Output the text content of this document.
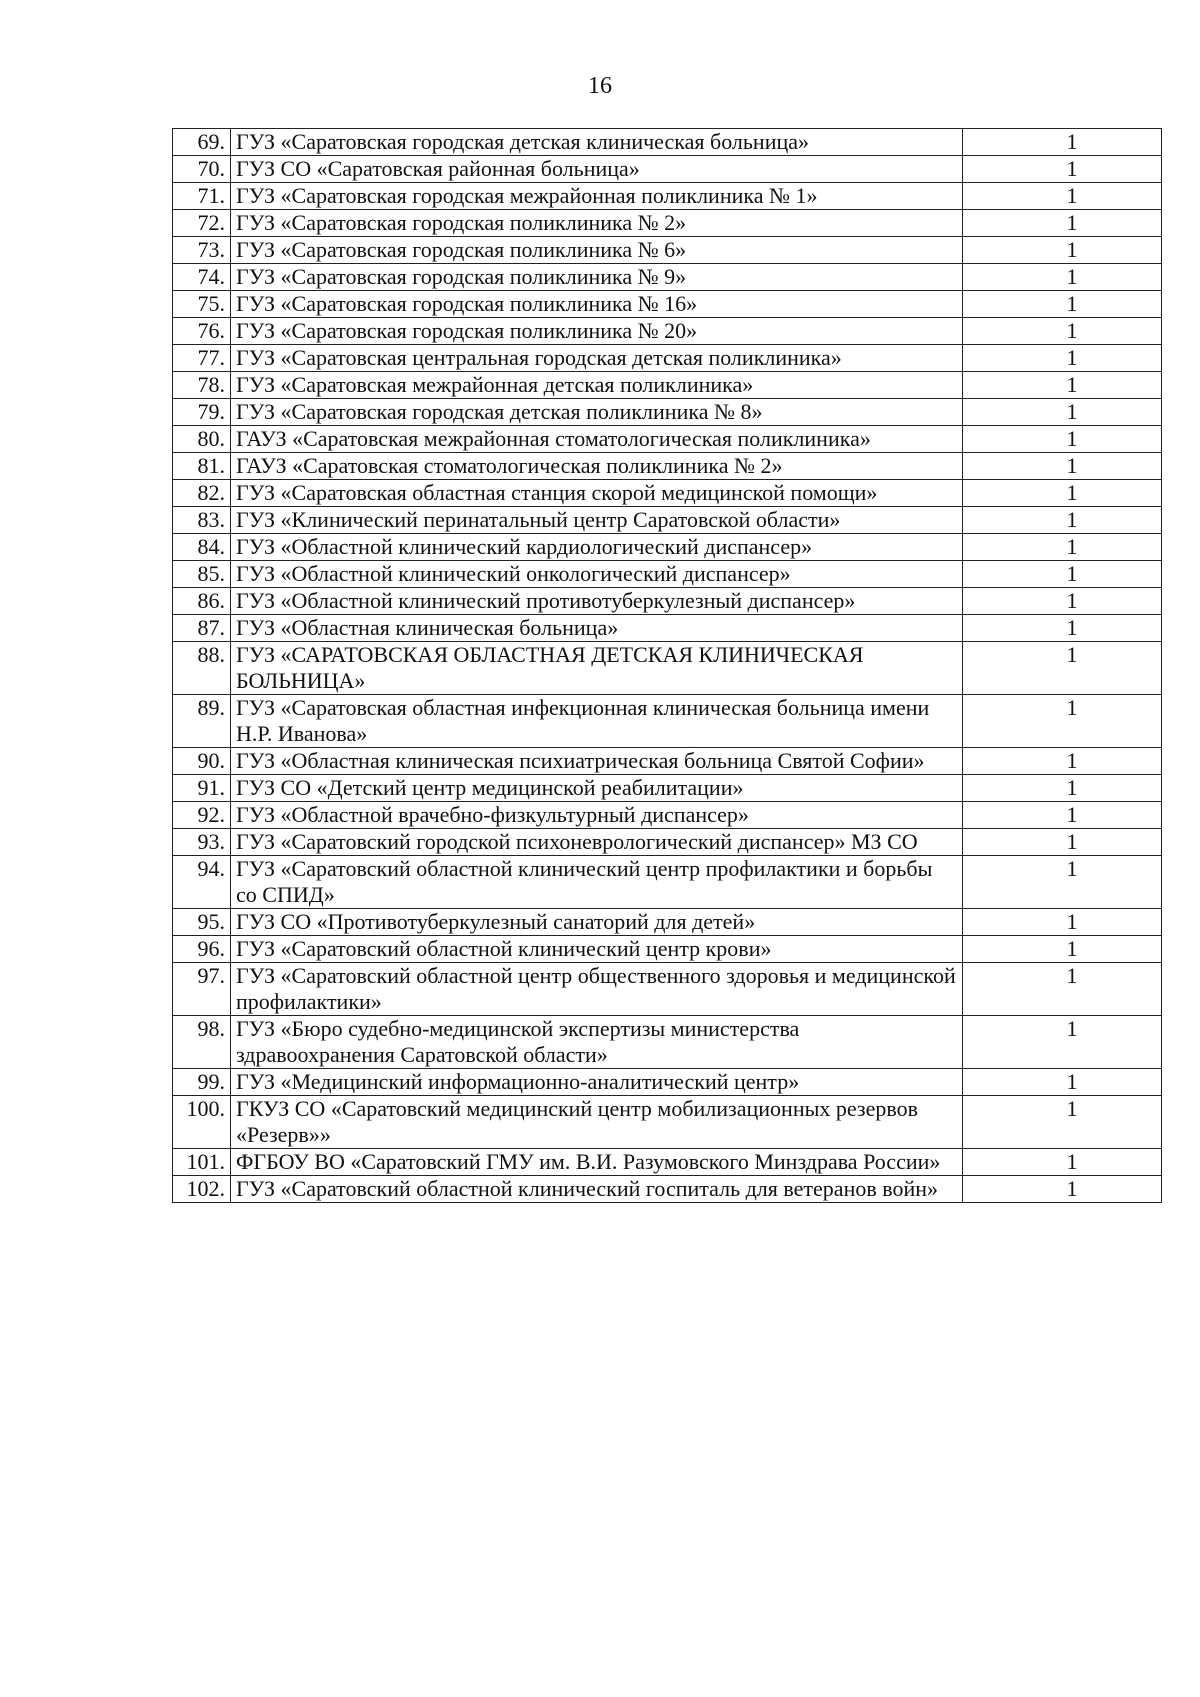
16
69.	ГУЗ «Саратовская городская детская клиническая больница»	1
70.	ГУЗ СО «Саратовская районная больница»	1
71.	ГУЗ «Саратовская городская межрайонная поликлиника № 1»	1
72.	ГУЗ «Саратовская городская поликлиника № 2»	1
73.	ГУЗ «Саратовская городская поликлиника № 6»	1
74.	ГУЗ «Саратовская городская поликлиника № 9»	1
75.	ГУЗ «Саратовская городская поликлиника № 16»	1
76.	ГУЗ «Саратовская городская поликлиника № 20»	1
77.	ГУЗ «Саратовская центральная городская детская поликлиника»	1
78.	ГУЗ «Саратовская межрайонная детская поликлиника»	1
79.	ГУЗ «Саратовская городская детская поликлиника № 8»	1
80.	ГАУЗ «Саратовская межрайонная стоматологическая поликлиника»	1
81.	ГАУЗ «Саратовская стоматологическая поликлиника № 2»	1
82.	ГУЗ «Саратовская областная станция скорой медицинской помощи»	1
83.	ГУЗ «Клинический перинатальный центр Саратовской области»	1
84.	ГУЗ «Областной клинический кардиологический диспансер»	1
85.	ГУЗ «Областной клинический онкологический диспансер»	1
86.	ГУЗ «Областной клинический противотуберкулезный диспансер»	1
87.	ГУЗ «Областная клиническая больница»	1
88.	ГУЗ «САРАТОВСКАЯ ОБЛАСТНАЯ ДЕТСКАЯ КЛИНИЧЕСКАЯ БОЛЬНИЦА»	1
89.	ГУЗ «Саратовская областная инфекционная клиническая больница имени Н.Р. Иванова»	1
90.	ГУЗ «Областная клиническая психиатрическая больница Святой Софии»	1
91.	ГУЗ СО «Детский центр медицинской реабилитации»	1
92.	ГУЗ «Областной врачебно-физкультурный диспансер»	1
93.	ГУЗ «Саратовский городской психоневрологический диспансер» МЗ СО	1
94.	ГУЗ «Саратовский областной клинический центр профилактики и борьбы со СПИД»	1
95.	ГУЗ СО «Противотуберкулезный санаторий для детей»	1
96.	ГУЗ «Саратовский областной клинический центр крови»	1
97.	ГУЗ «Саратовский областной центр общественного здоровья и медицинской профилактики»	1
98.	ГУЗ «Бюро судебно-медицинской экспертизы министерства здравоохранения Саратовской области»	1
99.	ГУЗ «Медицинский информационно-аналитический центр»	1
100.	ГКУЗ СО «Саратовский медицинский центр мобилизационных резервов «Резерв»»	1
101.	ФГБОУ ВО «Саратовский ГМУ им. В.И. Разумовского Минздрава России»	1
102.	ГУЗ «Саратовский областной клинический госпиталь для ветеранов войн»	1
